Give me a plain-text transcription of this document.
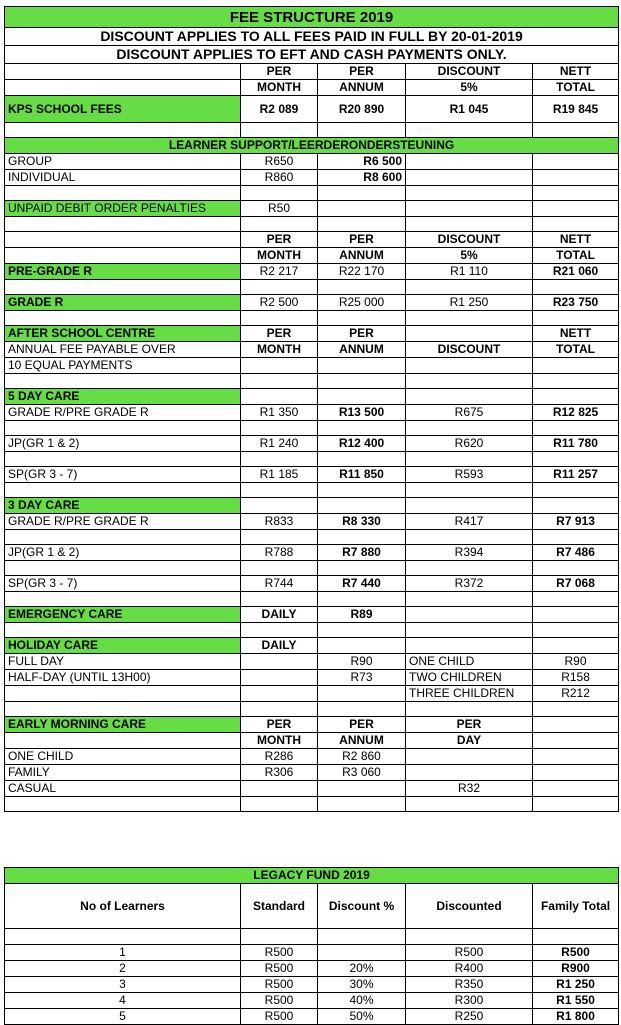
FEE STRUCTURE 2019				
DISCOUNT APPLIES TO ALL FEES PAID IN FULL BY 20-01-2019				
DISCOUNT APPLIES TO EFT AND CASH PAYMENTS ONLY.				
	PER	PER	DISCOUNT	NETT
	MONTH	ANNUM	5%	TOTAL
KPS SCHOOL FEES	R2 089	R20 890	R1 045	R19 845

LEARNER SUPPORT/LEERDERONDERSTEUNING				
GROUP	R650	R6 500		
INDIVIDUAL	R860	R8 600		

UNPAID DEBIT ORDER PENALTIES	R50			

	PER	PER	DISCOUNT	NETT
	MONTH	ANNUM	5%	TOTAL
PRE-GRADE R	R2 217	R22 170	R1 110	R21 060

GRADE R	R2 500	R25 000	R1 250	R23 750

AFTER SCHOOL CENTRE	PER	PER		NETT
ANNUAL FEE PAYABLE OVER	MONTH	ANNUM	DISCOUNT	TOTAL
10 EQUAL PAYMENTS				

5 DAY CARE				
GRADE R/PRE GRADE R	R1 350	R13 500	R675	R12 825

JP(GR 1 & 2)	R1 240	R12 400	R620	R11 780

SP(GR 3 - 7)	R1 185	R11 850	R593	R11 257

3 DAY CARE				
GRADE R/PRE GRADE R	R833	R8 330	R417	R7 913

JP(GR 1 & 2)	R788	R7 880	R394	R7 486

SP(GR 3 - 7)	R744	R7 440	R372	R7 068

EMERGENCY CARE	DAILY	R89		

HOLIDAY CARE	DAILY			
FULL DAY		R90	ONE CHILD	R90
HALF-DAY (UNTIL 13H00)		R73	TWO CHILDREN	R158
			THREE CHILDREN	R212

EARLY MORNING CARE	PER	PER	PER	
	MONTH	ANNUM	DAY	
ONE CHILD	R286	R2 860		
FAMILY	R306	R3 060		
CASUAL			R32	

LEGACY FUND 2019				
No of Learners	Standard	Discount %	Discounted	Family Total

1	R500		R500	R500
2	R500	20%	R400	R900
3	R500	30%	R350	R1 250
4	R500	40%	R300	R1 550
5	R500	50%	R250	R1 800
